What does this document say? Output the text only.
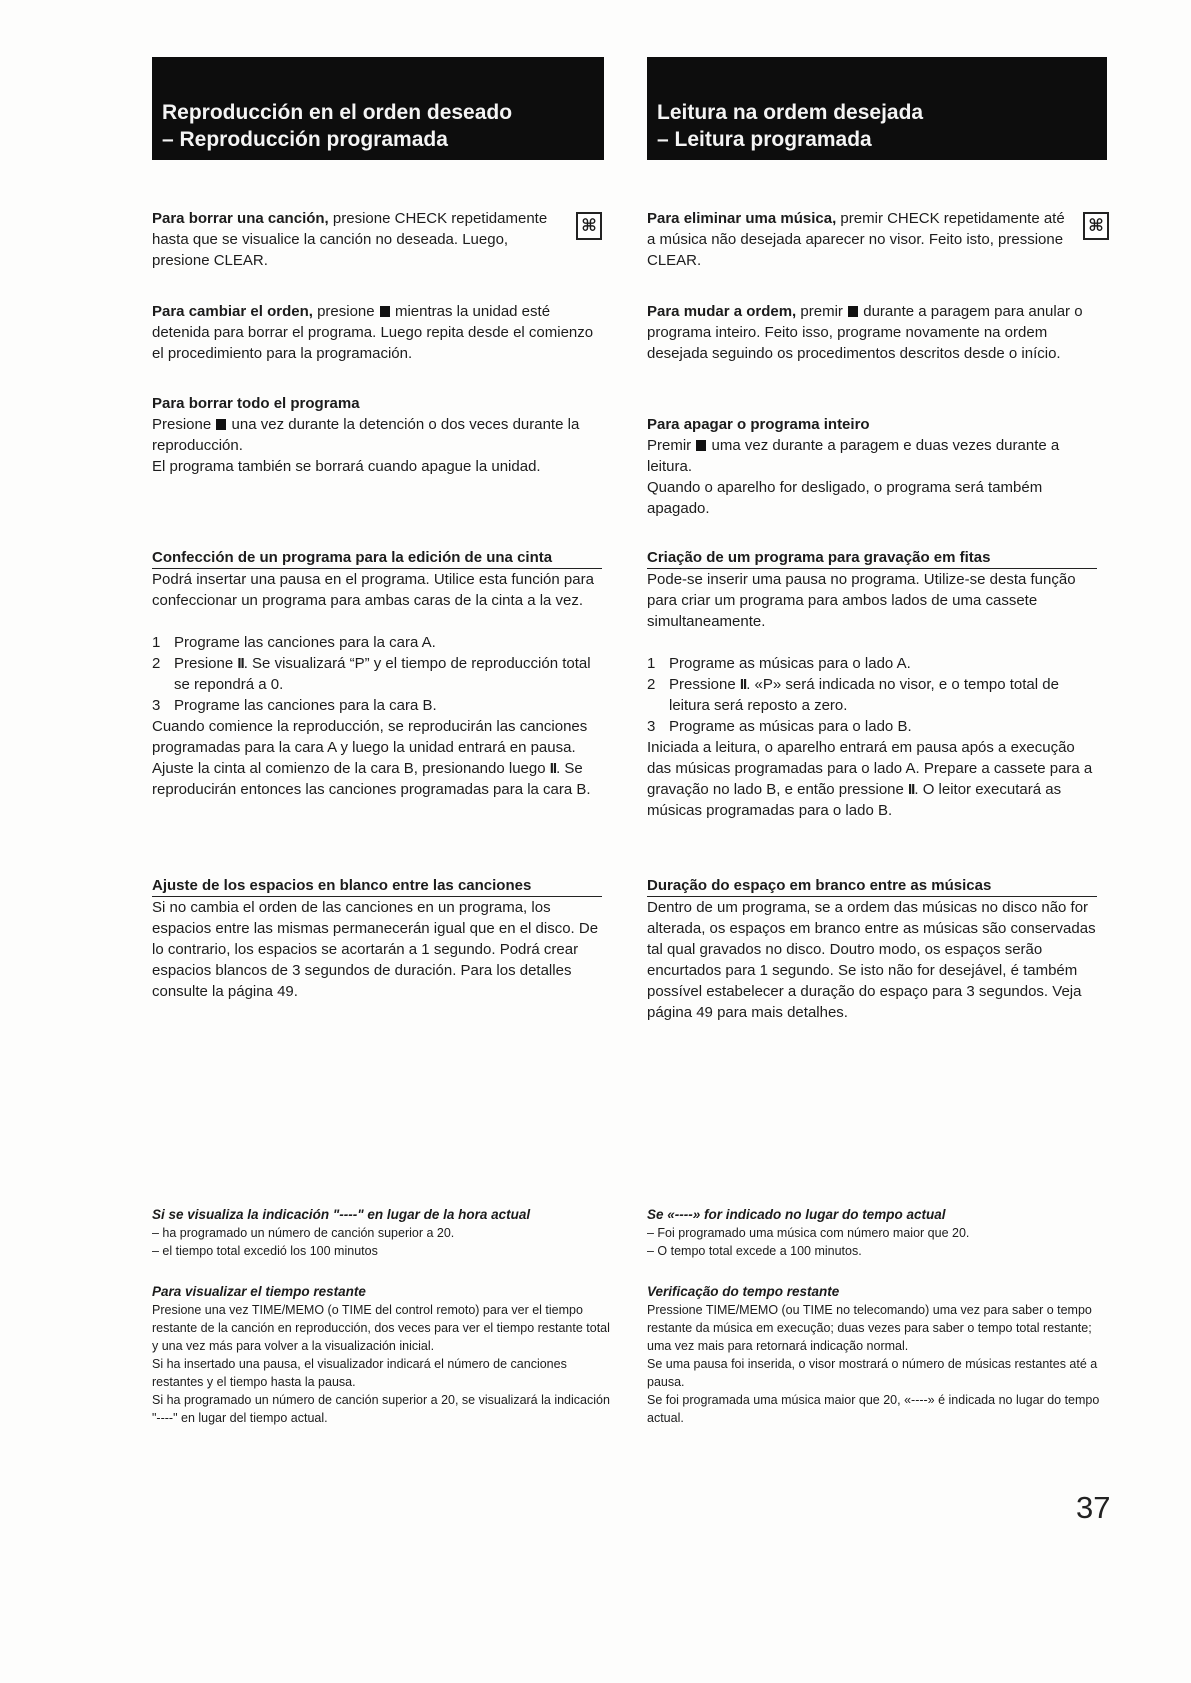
Reproducción en el orden deseado
– Reproducción programada
⌘

Para borrar una canción, presione CHECK repetidamente hasta que se visualice la canción no deseada. Luego, presione CLEAR.

Para cambiar el orden, presione  mientras la unidad esté detenida para borrar el programa. Luego repita desde el comienzo el procedimiento para la programación.

Para borrar todo el programa

Presione  una vez durante la detención o dos veces durante la reproducción.

El programa también se borrará cuando apague la unidad.

Confección de un programa para la edición de una cinta

Podrá insertar una pausa en el programa. Utilice esta función para confeccionar un programa para ambas caras de la cinta a la vez.

1 Programe las canciones para la cara A.
2 Presione II. Se visualizará “P” y el tiempo de reproducción total se repondrá a 0.
3 Programe las canciones para la cara B.

Cuando comience la reproducción, se reproducirán las canciones programadas para la cara A y luego la unidad entrará en pausa. Ajuste la cinta al comienzo de la cara B, presionando luego II. Se reproducirán entonces las canciones programadas para la cara B.

Ajuste de los espacios en blanco entre las canciones

Si no cambia el orden de las canciones en un programa, los espacios entre las mismas permanecerán igual que en el disco. De lo contrario, los espacios se acortarán a 1 segundo. Podrá crear espacios blancos de 3 segundos de duración. Para los detalles consulte la página 49.

Si se visualiza la indicación "----" en lugar de la hora actual

– ha programado un número de canción superior a 20.

– el tiempo total excedió los 100 minutos

Para visualizar el tiempo restante

Presione una vez TIME/MEMO (o TIME del control remoto) para ver el tiempo restante de la canción en reproducción, dos veces para ver el tiempo restante total y una vez más para volver a la visualización inicial.

Si ha insertado una pausa, el visualizador indicará el número de canciones restantes y el tiempo hasta la pausa.

Si ha programado un número de canción superior a 20, se visualizará la indicación "----" en lugar del tiempo actual.

Leitura na ordem desejada
– Leitura programada
⌘

Para eliminar uma música, premir CHECK repetidamente até a música não desejada aparecer no visor. Feito isto, pressione CLEAR.

Para mudar a ordem, premir  durante a paragem para anular o programa inteiro. Feito isso, programe novamente na ordem desejada seguindo os procedimentos descritos desde o início.

Para apagar o programa inteiro

Premir  uma vez durante a paragem e duas vezes durante a leitura.

Quando o aparelho for desligado, o programa será também apagado.

Criação de um programa para gravação em fitas

Pode-se inserir uma pausa no programa. Utilize-se desta função para criar um programa para ambos lados de uma cassete simultaneamente.

1 Programe as músicas para o lado A.
2 Pressione II. «P» será indicada no visor, e o tempo total de leitura será reposto a zero.
3 Programe as músicas para o lado B.

Iniciada a leitura, o aparelho entrará em pausa após a execução das músicas programadas para o lado A. Prepare a cassete para a gravação no lado B, e então pressione II. O leitor executará as músicas programadas para o lado B.

Duração do espaço em branco entre as músicas

Dentro de um programa, se a ordem das músicas no disco não for alterada, os espaços em branco entre as músicas são conservadas tal qual gravados no disco. Doutro modo, os espaços serão encurtados para 1 segundo. Se isto não for desejável, é também possível estabelecer a duração do espaço para 3 segundos. Veja página 49 para mais detalhes.

Se «----» for indicado no lugar do tempo actual

– Foi programado uma música com número maior que 20.

– O tempo total excede a 100 minutos.

Verificação do tempo restante

Pressione TIME/MEMO (ou TIME no telecomando) uma vez para saber o tempo restante da música em execução; duas vezes para saber o tempo total restante; uma vez mais para retornará indicação normal.

Se uma pausa foi inserida, o visor mostrará o número de músicas restantes até a pausa.

Se foi programada uma música maior que 20, «----» é indicada no lugar do tempo actual.

37
